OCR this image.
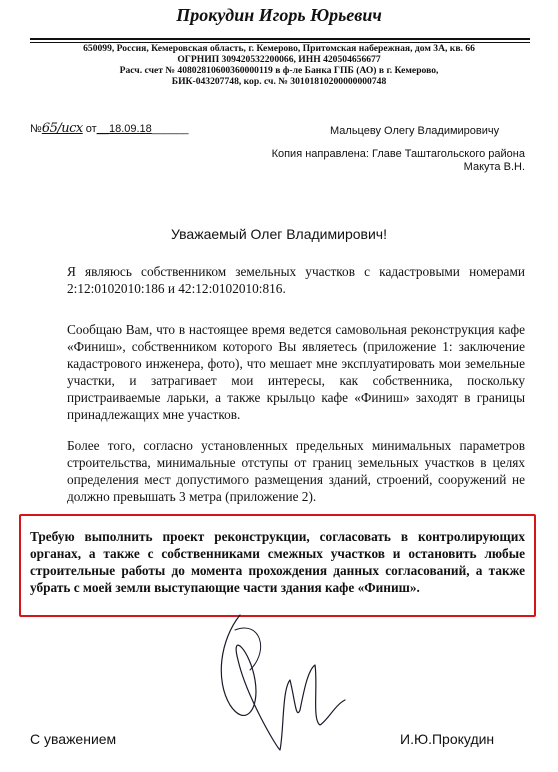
Прокудин Игорь Юрьевич
650099, Россия, Кемеровская область, г. Кемерово, Притомская набережная, дом 3А, кв. 66
ОГРНИП 309420532200066, ИНН 420504656677
Расч. счет № 40802810600360000119 в ф-ле Банка ГПБ (АО) в г. Кемерово,
БИК-043207748, кор. сч. № 30101810200000000748
№65/исх от__18.09.18______	Мальцеву Олегу Владимировичу
Копия направлена: Главе Таштагольского района
Макута В.Н.
Уважаемый Олег Владимирович!

Я являюсь собственником земельных участков с кадастровыми номерами 2:12:0102010:186 и 42:12:0102010:816.

Сообщаю Вам, что в настоящее время ведется самовольная реконструкция кафе «Финиш», собственником которого Вы являетесь (приложение 1: заключение кадастрового инженера, фото), что мешает мне эксплуатировать мои земельные участки, и затрагивает мои интересы, как собственника, поскольку пристраиваемые ларьки, а также крыльцо кафе «Финиш» заходят в границы принадлежащих мне участков.

Более того, согласно установленных предельных минимальных параметров строительства, минимальные отступы от границ земельных участков в целях определения мест допустимого размещения зданий, строений, сооружений не должно превышать 3 метра (приложение 2).

Требую выполнить проект реконструкции, согласовать в контролирующих органах, а также с собственниками смежных участков и остановить любые строительные работы до момента прохождения данных согласований, а также убрать с моей земли выступающие части здания кафе «Финиш».

С уважением	И.Ю.Прокудин
